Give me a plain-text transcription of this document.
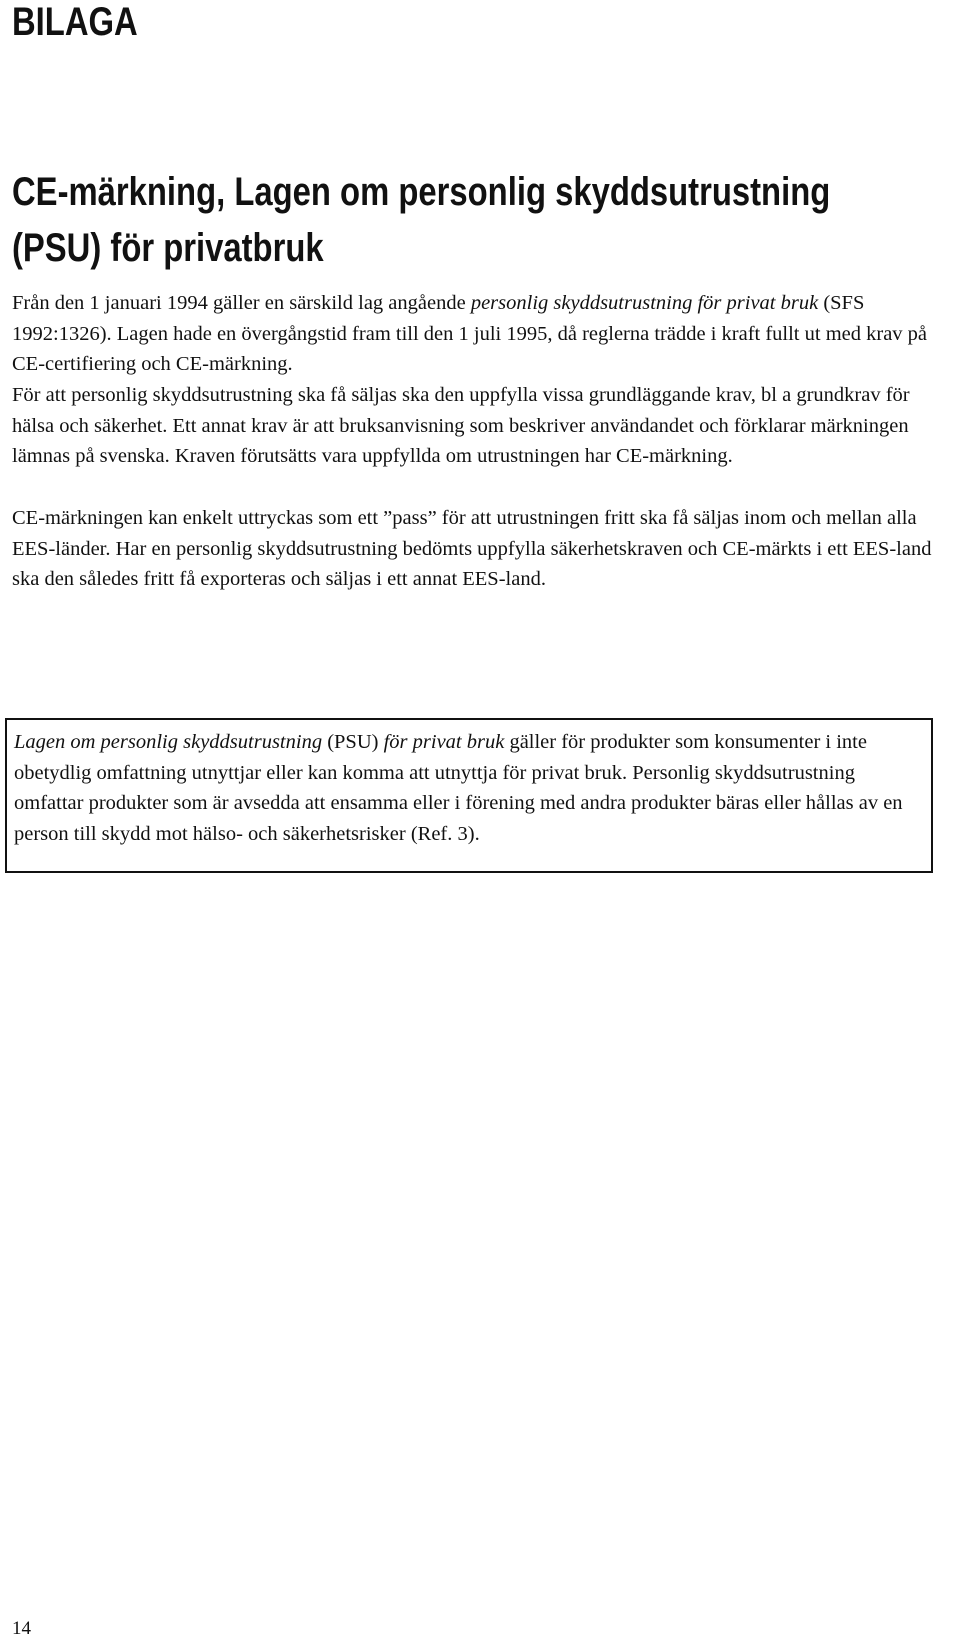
BILAGA
CE-märkning, Lagen om personlig skyddsutrustning
(PSU) för privatbruk

Från den 1 januari 1994 gäller en särskild lag angående personlig skyddsutrustning för privat bruk (SFS 1992:1326). Lagen hade en övergångstid fram till den 1 juli 1995, då reglerna trädde i kraft fullt ut med krav på CE-certifiering och CE-märkning.

För att personlig skyddsutrustning ska få säljas ska den uppfylla vissa grundläggande krav, bl a grundkrav för hälsa och säkerhet. Ett annat krav är att bruksanvisning som beskriver användandet och förklarar märkningen lämnas på svenska. Kraven förutsätts vara uppfyllda om utrustningen har CE-märkning.

CE-märkningen kan enkelt uttryckas som ett ”pass” för att utrustningen fritt ska få säljas inom och mellan alla EES-länder. Har en personlig skyddsutrustning bedömts uppfylla säkerhetskraven och CE-märkts i ett EES-land ska den således fritt få exporteras och säljas i ett annat EES-land.

Lagen om personlig skyddsutrustning (PSU) för privat bruk gäller för produkter som konsumenter i inte obetydlig omfattning utnyttjar eller kan komma att utnyttja för privat bruk. Personlig skyddsutrustning omfattar produkter som är avsedda att ensamma eller i förening med andra produkter bäras eller hållas av en person till skydd mot hälso- och säkerhetsrisker (Ref. 3).

14
